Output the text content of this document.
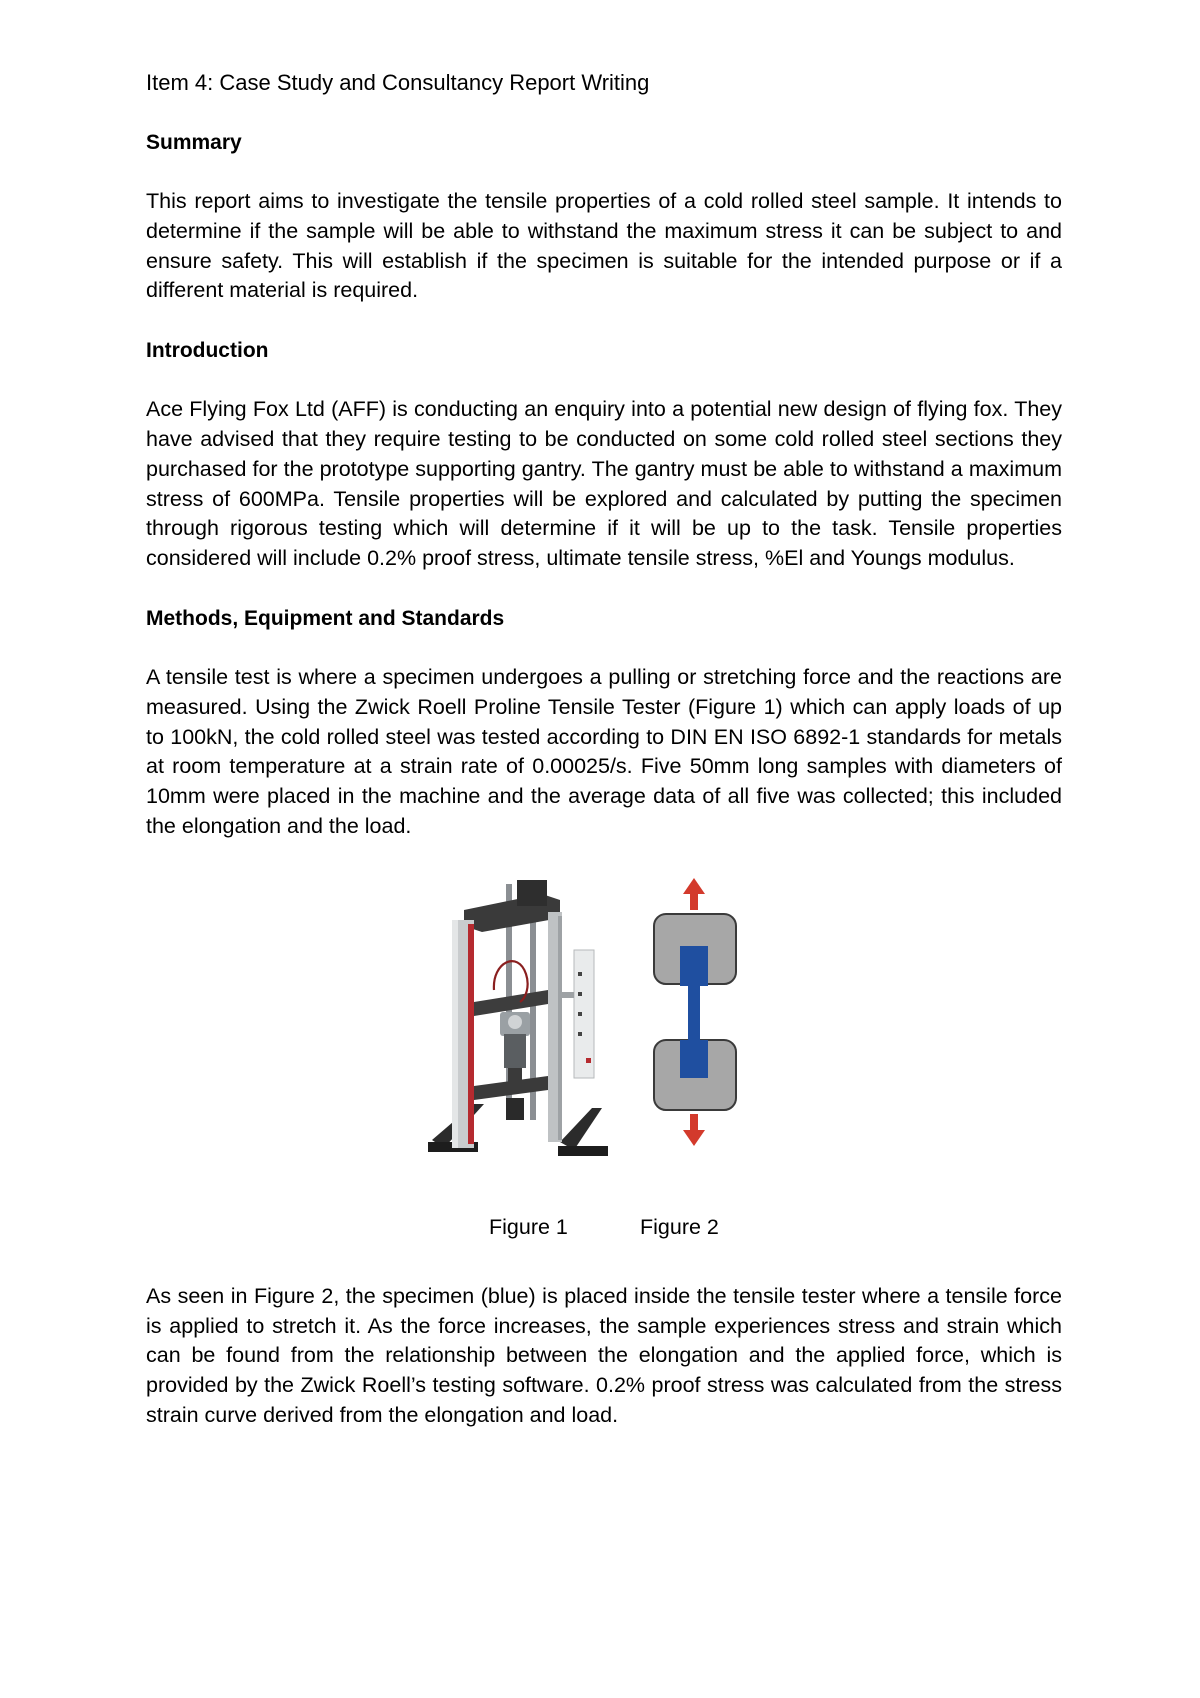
Item 4: Case Study and Consultancy Report Writing
Summary

This report aims to investigate the tensile properties of a cold rolled steel sample. It intends to determine if the sample will be able to withstand the maximum stress it can be subject to and ensure safety. This will establish if the specimen is suitable for the intended purpose or if a different material is required.

Introduction

Ace Flying Fox Ltd (AFF) is conducting an enquiry into a potential new design of flying fox. They have advised that they require testing to be conducted on some cold rolled steel sections they purchased for the prototype supporting gantry. The gantry must be able to withstand a maximum stress of 600MPa. Tensile properties will be explored and calculated by putting the specimen through rigorous testing which will determine if it will be up to the task. Tensile properties considered will include 0.2% proof stress, ultimate tensile stress, %El and Youngs modulus.

Methods, Equipment and Standards

A tensile test is where a specimen undergoes a pulling or stretching force and the reactions are measured. Using the Zwick Roell Proline Tensile Tester (Figure 1) which can apply loads of up to 100kN, the cold rolled steel was tested according to DIN EN ISO 6892-1 standards for metals at room temperature at a strain rate of 0.00025/s. Five 50mm long samples with diameters of 10mm were placed in the machine and the average data of all five was collected; this included the elongation and the load.

Figure 1	Figure 2

As seen in Figure 2, the specimen (blue) is placed inside the tensile tester where a tensile force is applied to stretch it. As the force increases, the sample experiences stress and strain which can be found from the relationship between the elongation and the applied force, which is provided by the Zwick Roell’s testing software. 0.2% proof stress was calculated from the stress strain curve derived from the elongation and load.
